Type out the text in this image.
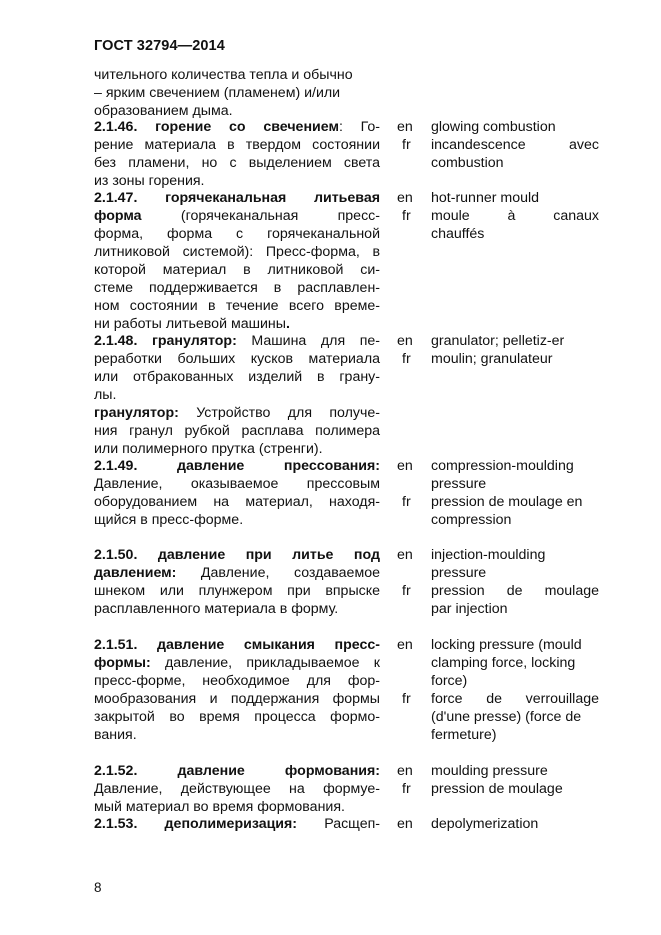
ГОСТ 32794—2014
чительного количества тепла и обычно
– ярким свечением (пламенем) и/или
образованием дыма.
2.1.46. горение со свечением: Го-
рение материала в твердом состоянии
без пламени, но с выделением света
из зоны горения.
2.1.47. горячеканальная литьевая
форма (горячеканальная пресс-
форма, форма с горячеканальной
литниковой системой): Пресс-форма, в
которой материал в литниковой си-
стеме поддерживается в расплавлен-
ном состоянии в течение всего време-
ни работы литьевой машины.
2.1.48. гранулятор: Машина для пе-
реработки больших кусков материала
или отбракованных изделий в грану-
лы.
гранулятор: Устройство для получе-
ния гранул рубкой расплава полимера
или полимерного прутка (стренги).
2.1.49. давление прессования:
Давление, оказываемое прессовым
оборудованием на материал, находя-
щийся в пресс-форме.
2.1.50. давление при литье под
давлением: Давление, создаваемое
шнеком или плунжером при впрыске
расплавленного материала в форму.
2.1.51. давление смыкания пресс-
формы: давление, прикладываемое к
пресс-форме, необходимое для фор-
мообразования и поддержания формы
закрытой во время процесса формо-
вания.
2.1.52. давление формования:
Давление, действующее на формуе-
мый материал во время формования.
2.1.53. деполимеризация: Расщеп-
en
fr
en
fr
en
fr
en
fr
en
fr
en
fr
en
fr
en
glowing combustion
incandescence avec
combustion
hot-runner mould
moule à canaux
chauffés
granulator; pelletiz-er
moulin; granulateur
compression-moulding
pressure
pression de moulage en
compression
injection-moulding
pressure
pression de moulage
par injection
locking pressure (mould
clamping force, locking
force)
force de verrouillage
(d'une presse) (force de
fermeture)
moulding pressure
pression de moulage
depolymerization
8
